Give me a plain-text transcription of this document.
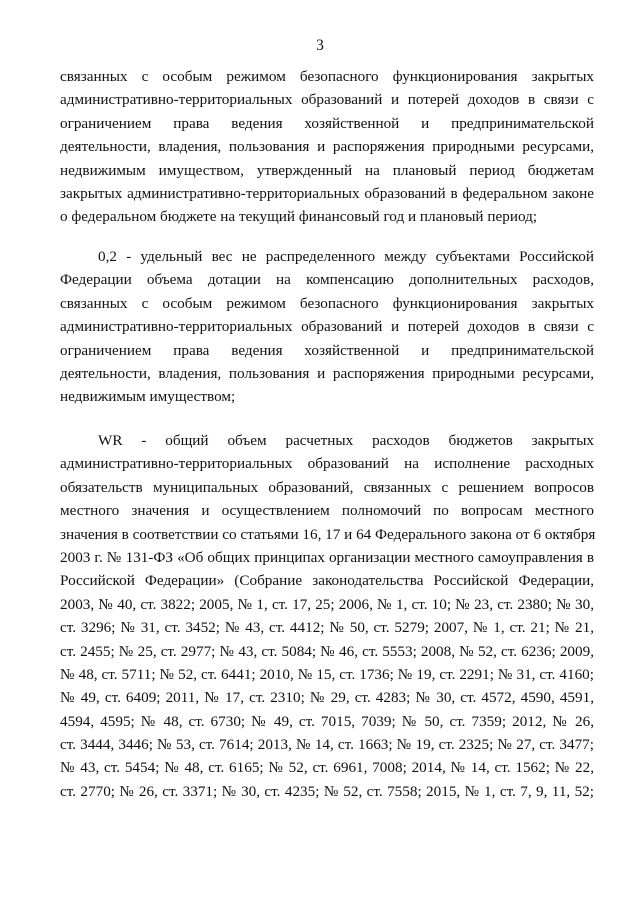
3
связанных с особым режимом безопасного функционирования закрытых
административно-территориальных образований и потерей доходов в связи с
ограничением права ведения хозяйственной и предпринимательской
деятельности, владения, пользования и распоряжения природными ресурсами,
недвижимым имуществом, утвержденный на плановый период бюджетам
закрытых административно-территориальных образований в федеральном законе
о федеральном бюджете на текущий финансовый год и плановый период;
0,2 - удельный вес не распределенного между субъектами Российской
Федерации объема дотации на компенсацию дополнительных расходов,
связанных с особым режимом безопасного функционирования закрытых
административно-территориальных образований и потерей доходов в связи с
ограничением права ведения хозяйственной и предпринимательской
деятельности, владения, пользования и распоряжения природными ресурсами,
недвижимым имуществом;
WR - общий объем расчетных расходов бюджетов закрытых
административно-территориальных образований на исполнение расходных
обязательств муниципальных образований, связанных с решением вопросов
местного значения и осуществлением полномочий по вопросам местного
значения в соответствии со статьями 16, 17 и 64 Федерального закона от 6 октября
2003 г. № 131-ФЗ «Об общих принципах организации местного самоуправления в
Российской Федерации» (Собрание законодательства Российской Федерации,
2003, № 40, ст. 3822; 2005, № 1, ст. 17, 25; 2006, № 1, ст. 10; № 23, ст. 2380; № 30,
ст. 3296; № 31, ст. 3452; № 43, ст. 4412; № 50, ст. 5279; 2007, № 1, ст. 21; № 21,
ст. 2455; № 25, ст. 2977; № 43, ст. 5084; № 46, ст. 5553; 2008, № 52, ст. 6236; 2009,
№ 48, ст. 5711; № 52, ст. 6441; 2010, № 15, ст. 1736; № 19, ст. 2291; № 31, ст. 4160;
№ 49, ст. 6409; 2011, № 17, ст. 2310; № 29, ст. 4283; № 30, ст. 4572, 4590, 4591,
4594, 4595; № 48, ст. 6730; № 49, ст. 7015, 7039; № 50, ст. 7359; 2012, № 26,
ст. 3444, 3446; № 53, ст. 7614; 2013, № 14, ст. 1663; № 19, ст. 2325; № 27, ст. 3477;
№ 43, ст. 5454; № 48, ст. 6165; № 52, ст. 6961, 7008; 2014, № 14, ст. 1562; № 22,
ст. 2770; № 26, ст. 3371; № 30, ст. 4235; № 52, ст. 7558; 2015, № 1, ст. 7, 9, 11, 52;
